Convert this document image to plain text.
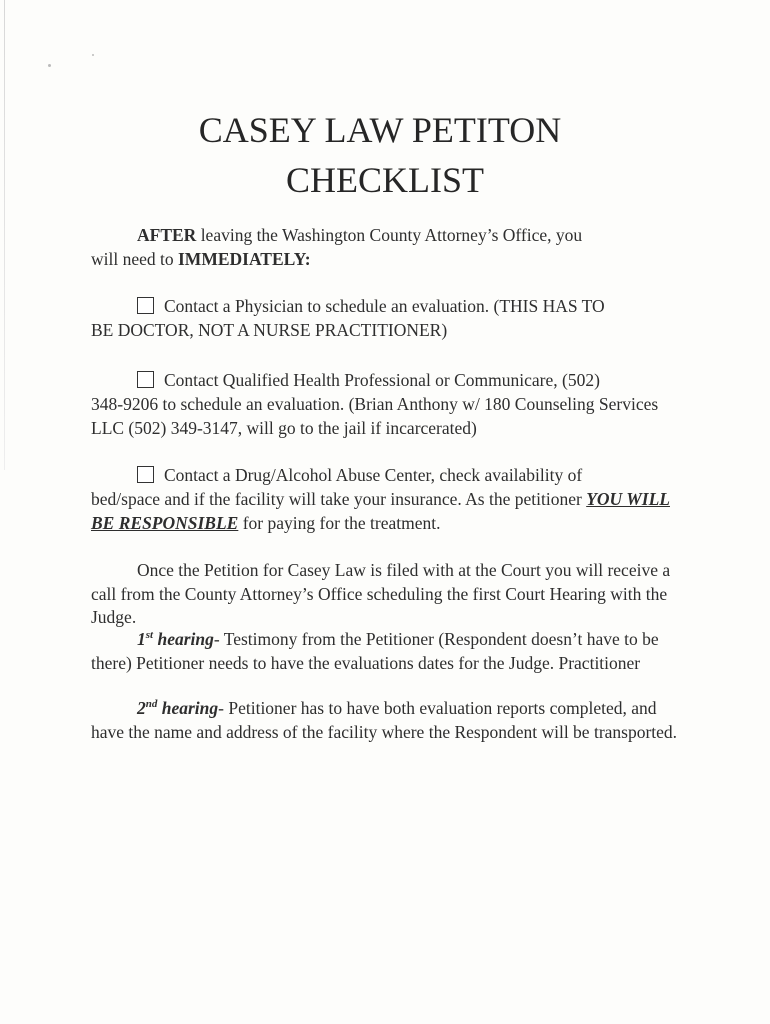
CASEY LAW PETITON
CHECKLIST

AFTER leaving the Washington County Attorney’s Office, you
will need to IMMEDIATELY:

Contact a Physician to schedule an evaluation. (THIS HAS TO
BE DOCTOR, NOT A NURSE PRACTITIONER)
Contact Qualified Health Professional or Communicare, (502)
348-9206 to schedule an evaluation. (Brian Anthony w/ 180 Counseling Services LLC (502) 349-3147, will go to the jail if incarcerated)
Contact a Drug/Alcohol Abuse Center, check availability of
bed/space and if the facility will take your insurance. As the petitioner YOU WILL BE RESPONSIBLE for paying for the treatment.

Once the Petition for Casey Law is filed with at the Court you will receive a call from the County Attorney’s Office scheduling the first Court Hearing with the Judge.

1st hearing- Testimony from the Petitioner (Respondent doesn’t have to be there) Petitioner needs to have the evaluations dates for the Judge. Practitioner

2nd hearing- Petitioner has to have both evaluation reports completed, and have the name and address of the facility where the Respondent will be transported.
